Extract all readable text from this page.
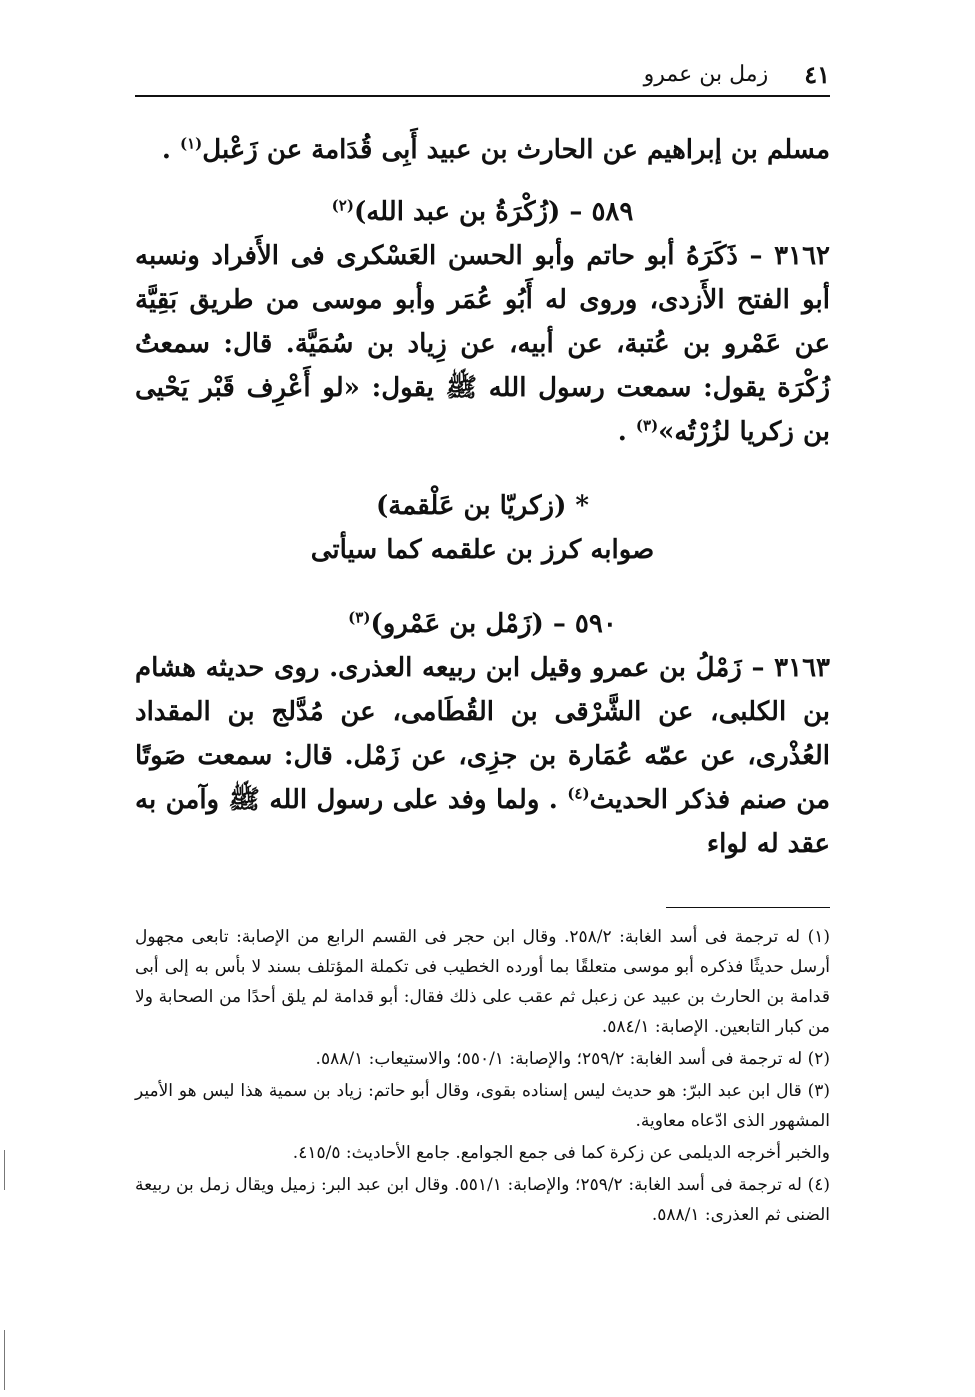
٤١
زمل بن عمرو

مسلم بن إبراهيم عن الحارث بن عبيد أَبِى قُدَامة عن زَعْبل$^{(١)}$ .

٥٨٩ – (زُكْرَةُ بن عبد الله)$^{(٢)}$

٣١٦٢ – ذَكَرَهُ أبو حاتم وأبو الحسن العَسْكرى فى الأَفراد ونسبه أبو الفتح الأَزدى، وروى له أَبُو عُمَر وأبو موسى من طريق بَقِيَّة عن عَمْرو بن عُتبة، عن أبيه، عن زِياد بن سُمَيَّة. قال: سمعتُ زُكْرَة يقول: سمعت رسول الله ﷺ يقول: «لو أَعْرِف قَبْر يَحْيى بن زكريا لزُرْتُه»$^{(٣)}$ .

* (زكريّا بن عَلْقمة)

صوابه كرز بن علقمه كما سيأتى

٥٩٠ – (زَمْل بن عَمْرو)$^{(٣)}$

٣١٦٣ – زَمْلُ بن عمرو وقيل ابن ربيعه العذرى. روى حديثه هشام بن الكلبى، عن الشَّرْقى بن القُطَامى، عن مُدَّلج بن المقداد العُذْرى، عن عمّه عُمَارة بن جزِى، عن زَمْل. قال: سمعت صَوتًا من صنم فذكر الحديث$^{(٤)}$ . ولما وفد على رسول الله ﷺ وآمن به عقد له لواء

(١) له ترجمة فى أسد الغابة: ٢٥٨/٢. وقال ابن حجر فى القسم الرابع من الإصابة: تابعى مجهول أرسل حديثًا فذكره أبو موسى متعلقًا بما أورده الخطيب فى تكملة المؤتلف بسند لا بأس به إلى أبى قدامة بن الحارث بن عبيد عن زعبل ثم عقب على ذلك فقال: أبو قدامة لم يلق أحدًا من الصحابة ولا من كبار التابعين. الإصابة: ٥٨٤/١.

(٢) له ترجمة فى أسد الغابة: ٢٥٩/٢؛ والإصابة: ٥٥٠/١؛ والاستيعاب: ٥٨٨/١.

(٣) قال ابن عبد البرّ: هو حديث ليس إسناده بقوى، وقال أبو حاتم: زياد بن سمية هذا ليس هو الأمير المشهور الذى ادّعاه معاوية.

والخبر أخرجه الديلمى عن زكرة كما فى جمع الجوامع. جامع الأحاديث: ٤١٥/٥.

(٤) له ترجمة فى أسد الغابة: ٢٥٩/٢؛ والإصابة: ٥٥١/١. وقال ابن عبد البر: زميل ويقال زمل بن ربيعة الضنى ثم العذرى: ٥٨٨/١.
